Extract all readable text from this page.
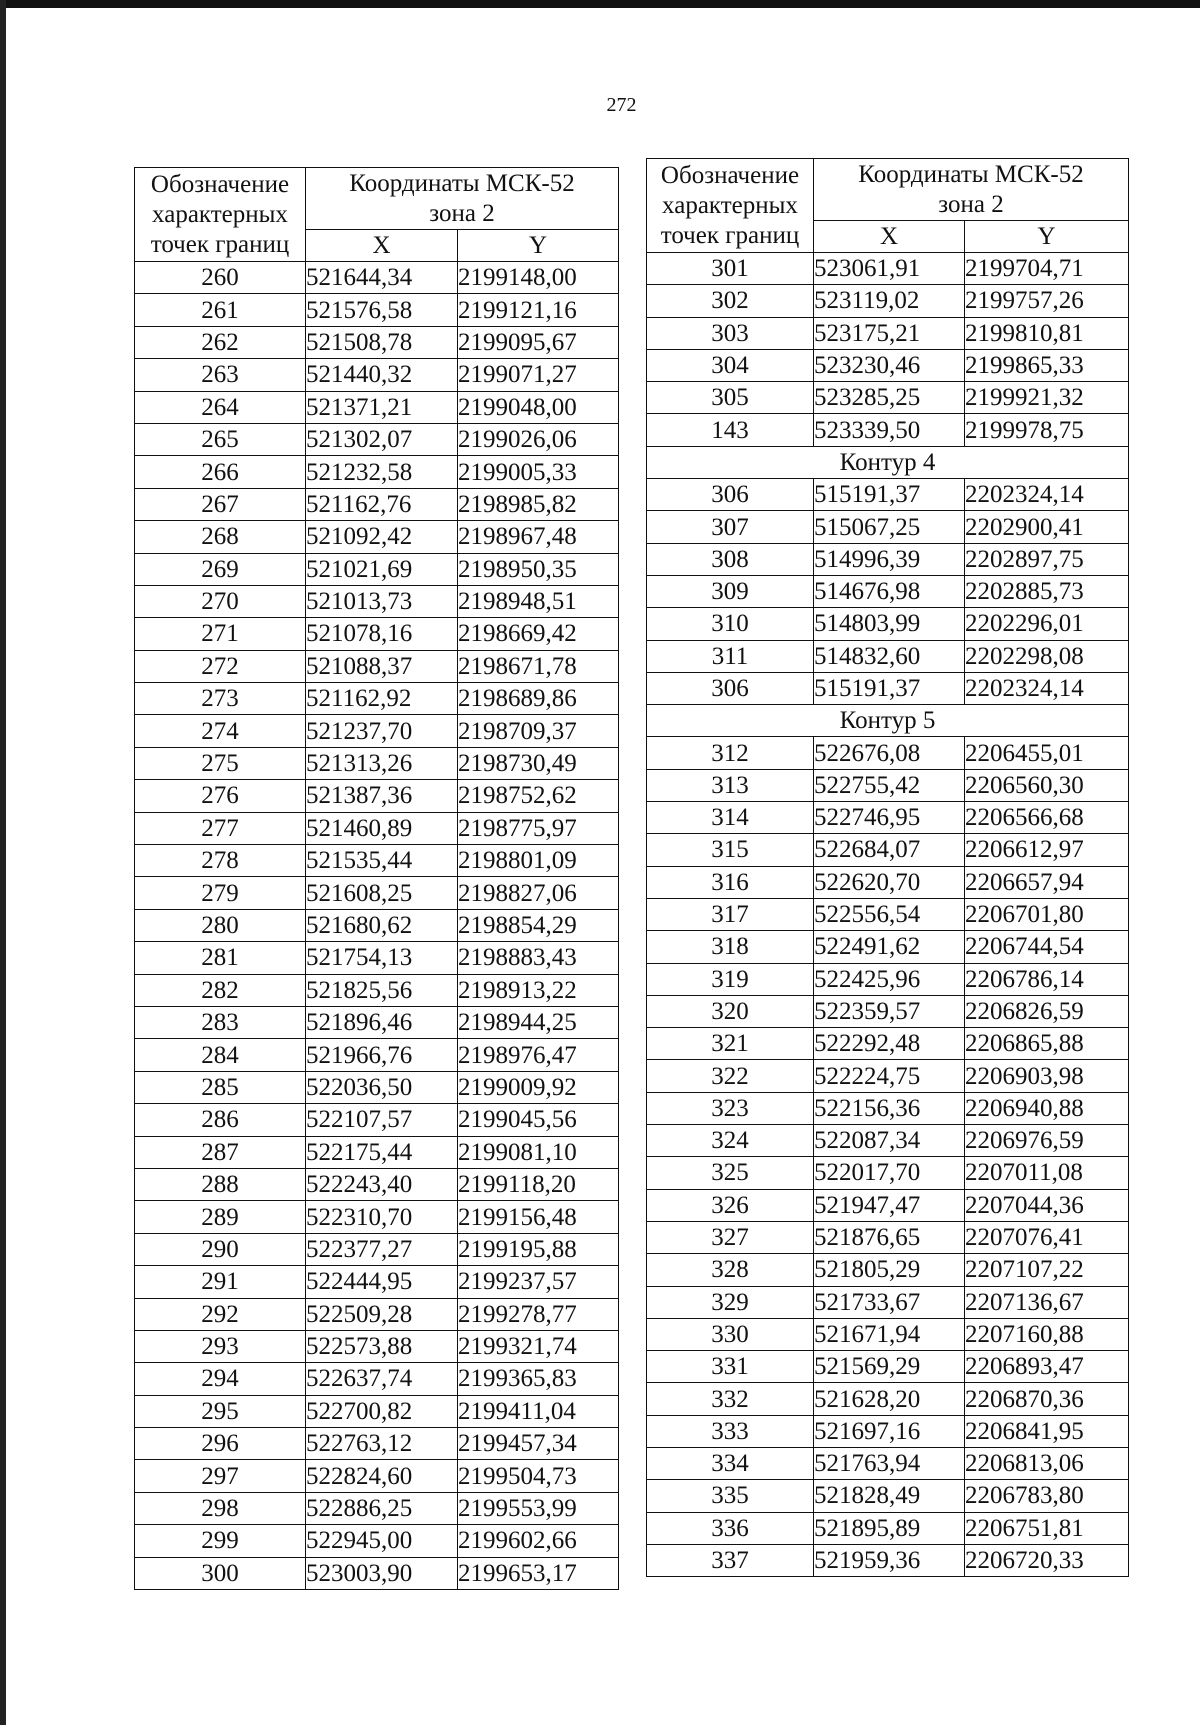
272
Обозначение
характерных
точек границ	Координаты МСК-52
зона 2	

	X	Y
260	521644,34	2199148,00
261	521576,58	2199121,16
262	521508,78	2199095,67
263	521440,32	2199071,27
264	521371,21	2199048,00
265	521302,07	2199026,06
266	521232,58	2199005,33
267	521162,76	2198985,82
268	521092,42	2198967,48
269	521021,69	2198950,35
270	521013,73	2198948,51
271	521078,16	2198669,42
272	521088,37	2198671,78
273	521162,92	2198689,86
274	521237,70	2198709,37
275	521313,26	2198730,49
276	521387,36	2198752,62
277	521460,89	2198775,97
278	521535,44	2198801,09
279	521608,25	2198827,06
280	521680,62	2198854,29
281	521754,13	2198883,43
282	521825,56	2198913,22
283	521896,46	2198944,25
284	521966,76	2198976,47
285	522036,50	2199009,92
286	522107,57	2199045,56
287	522175,44	2199081,10
288	522243,40	2199118,20
289	522310,70	2199156,48
290	522377,27	2199195,88
291	522444,95	2199237,57
292	522509,28	2199278,77
293	522573,88	2199321,74
294	522637,74	2199365,83
295	522700,82	2199411,04
296	522763,12	2199457,34
297	522824,60	2199504,73
298	522886,25	2199553,99
299	522945,00	2199602,66
300	523003,90	2199653,17
Обозначение
характерных
точек границ	Координаты МСК-52
зона 2	

	X	Y
301	523061,91	2199704,71
302	523119,02	2199757,26
303	523175,21	2199810,81
304	523230,46	2199865,33
305	523285,25	2199921,32
143	523339,50	2199978,75
Контур 4		
306	515191,37	2202324,14
307	515067,25	2202900,41
308	514996,39	2202897,75
309	514676,98	2202885,73
310	514803,99	2202296,01
311	514832,60	2202298,08
306	515191,37	2202324,14
Контур 5		
312	522676,08	2206455,01
313	522755,42	2206560,30
314	522746,95	2206566,68
315	522684,07	2206612,97
316	522620,70	2206657,94
317	522556,54	2206701,80
318	522491,62	2206744,54
319	522425,96	2206786,14
320	522359,57	2206826,59
321	522292,48	2206865,88
322	522224,75	2206903,98
323	522156,36	2206940,88
324	522087,34	2206976,59
325	522017,70	2207011,08
326	521947,47	2207044,36
327	521876,65	2207076,41
328	521805,29	2207107,22
329	521733,67	2207136,67
330	521671,94	2207160,88
331	521569,29	2206893,47
332	521628,20	2206870,36
333	521697,16	2206841,95
334	521763,94	2206813,06
335	521828,49	2206783,80
336	521895,89	2206751,81
337	521959,36	2206720,33
